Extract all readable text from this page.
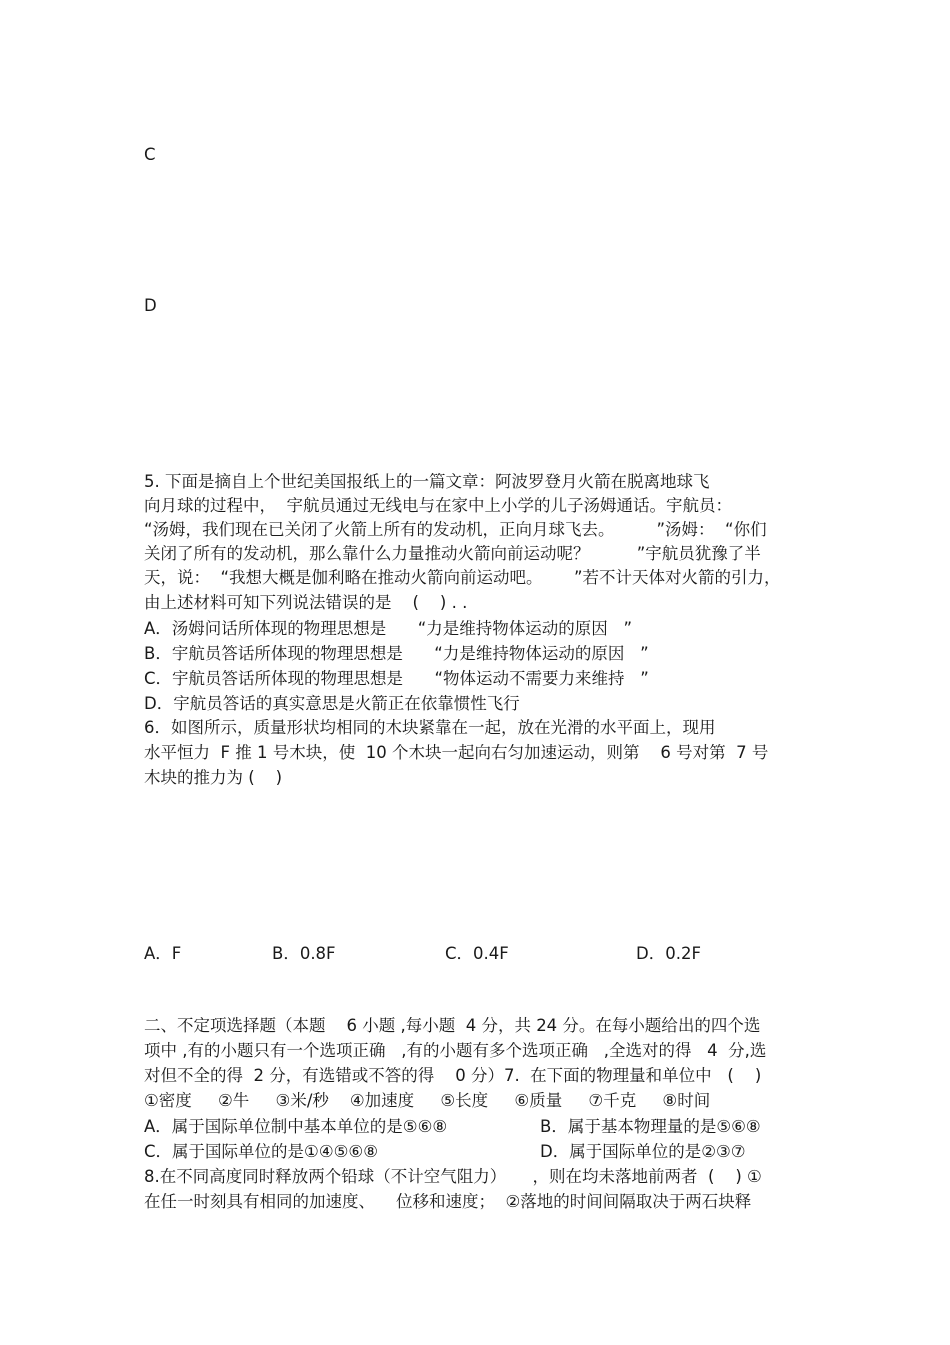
C
D
5. 下面是摘自上个世纪美国报纸上的一篇文章：阿波罗登月火箭在脱离地球飞
向月球的过程中，  宇航员通过无线电与在家中上小学的儿子汤姆通话。宇航员：
“汤姆，我们现在已关闭了火箭上所有的发动机，正向月球飞去。        ”汤姆：  “你们
关闭了所有的发动机，那么靠什么力量推动火箭向前运动呢？         ”宇航员犹豫了半
天，说：  “我想大概是伽利略在推动火箭向前运动吧。      ”若不计天体对火箭的引力，
由上述材料可知下列说法错误的是    (    ) . .
A．汤姆问话所体现的物理思想是      “力是维持物体运动的原因   ”
B．宇航员答话所体现的物理思想是      “力是维持物体运动的原因   ”
C．宇航员答话所体现的物理思想是      “物体运动不需要力来维持   ”
D．宇航员答话的真实意思是火箭正在依靠惯性飞行
6．如图所示，质量形状均相同的木块紧靠在一起，放在光滑的水平面上，现用
水平恒力  F 推 1 号木块，使  10 个木块一起向右匀加速运动，则第    6 号对第  7 号
木块的推力为 (    )
A．F	B．0.8F	C．0.4F	D．0.2F
二、不定项选择题（本题    6 小题 ,每小题  4 分，共 24 分。在每小题给出的四个选
项中 ,有的小题只有一个选项正确   ,有的小题有多个选项正确   ,全选对的得   4  分,选
对但不全的得  2 分，有选错或不答的得    0 分）7.  在下面的物理量和单位中   (    )
①密度     ②牛     ③米/秒    ④加速度     ⑤长度     ⑥质量     ⑦千克     ⑧时间
A．属于国际单位制中基本单位的是⑤⑥⑧	B．属于基本物理量的是⑤⑥⑧
C．属于国际单位的是①④⑤⑥⑧	D．属于国际单位的是②③⑦
8.在不同高度同时释放两个铅球（不计空气阻力）     ，则在均未落地前两者  (    ) ①
在任一时刻具有相同的加速度、    位移和速度；  ②落地的时间间隔取决于两石块释
